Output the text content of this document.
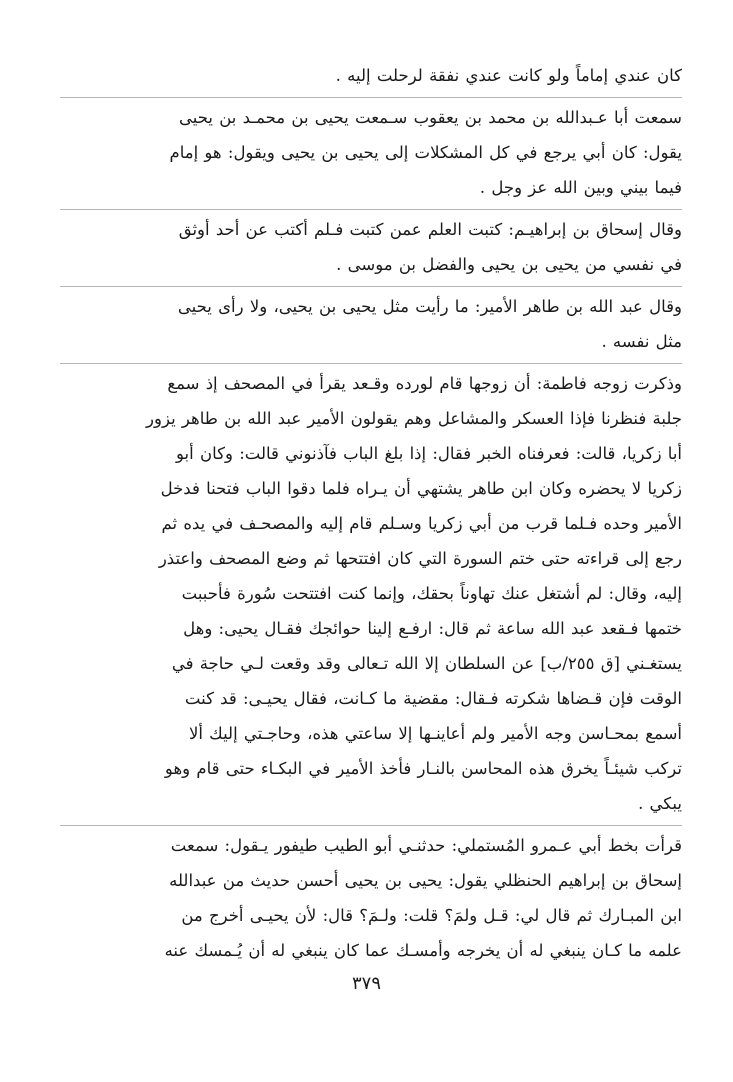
كان عندي إماماً ولو كانت عندي نفقة لرحلت إليه .
سمعت أبا عـبدالله بن محمد بن يعقوب سـمعت يحيى بن محمـد بن يحيى
يقول: كان أبي يرجع في كل المشكلات إلى يحيى بن يحيى ويقول: هو إمام
فيما بيني وبين الله عز وجل .
وقال إسحاق بن إبراهيـم: كتبت العلم عمن كتبت فـلم أكتب عن أحد أوثق
في نفسي من يحيى بن يحيى والفضل بن موسى .
وقال عبد الله بن طاهر الأمير: ما رأيت مثل يحيى بن يحيى، ولا رأى يحيى
مثل نفسه .
وذكرت زوجه فاطمة: أن زوجها قام لورده وقـعد يقرأ في المصحف إذ سمع
جلبة فنظرنا فإذا العسكر والمشاعل وهم يقولون الأمير عبد الله بن طاهر يزور
أبا زكريا، قالت: فعرفناه الخبر فقال: إذا بلغ الباب فآذنوني قالت: وكان أبو
زكريا لا يحضره وكان ابن طاهر يشتهي أن يـراه فلما دقوا الباب فتحنا فدخل
الأمير وحده فـلما قرب من أبي زكريا وسـلم قام إليه والمصحـف في يده ثم
رجع إلى قراءته حتى ختم السورة التي كان افتتحها ثم وضع المصحف واعتذر
إليه، وقال: لم أشتغل عنك تهاوناً بحقك، وإنما كنت افتتحت سُورة فأحببت
ختمها فـقعد عبد الله ساعة ثم قال: ارفـع إلينا حوائجك فقـال يحيى: وهل
يستغـني [ق ٢٥٥/ب] عن السلطان إلا الله تـعالى وقد وقعت لـي حاجة في
الوقت فإن قـضاها شكرته فـقال: مقضية ما كـانت، فقال يحيـى: قد كنت
أسمع بمحـاسن وجه الأمير ولم أعاينـها إلا ساعتي هذه، وحاجـتي إليك ألا
تركب شيئـاً يخرق هذه المحاسن بالنـار فأخذ الأمير في البكـاء حتى قام وهو
يبكي .
قرأت بخط أبي عـمرو المُستملي: حدثنـي أبو الطيب طيفور يـقول: سمعت
إسحاق بن إبراهيم الحنظلي يقول: يحيى بن يحيى أحسن حديث من عبدالله
ابن المبـارك ثم قال لي: قـل ولمَ؟ قلت: ولـمَ؟ قال: لأن يحيـى أخرج من
علمه ما كـان ينبغي له أن يخرجه وأمسـك عما كان ينبغي له أن يُـمسك عنه
٣٧٩
